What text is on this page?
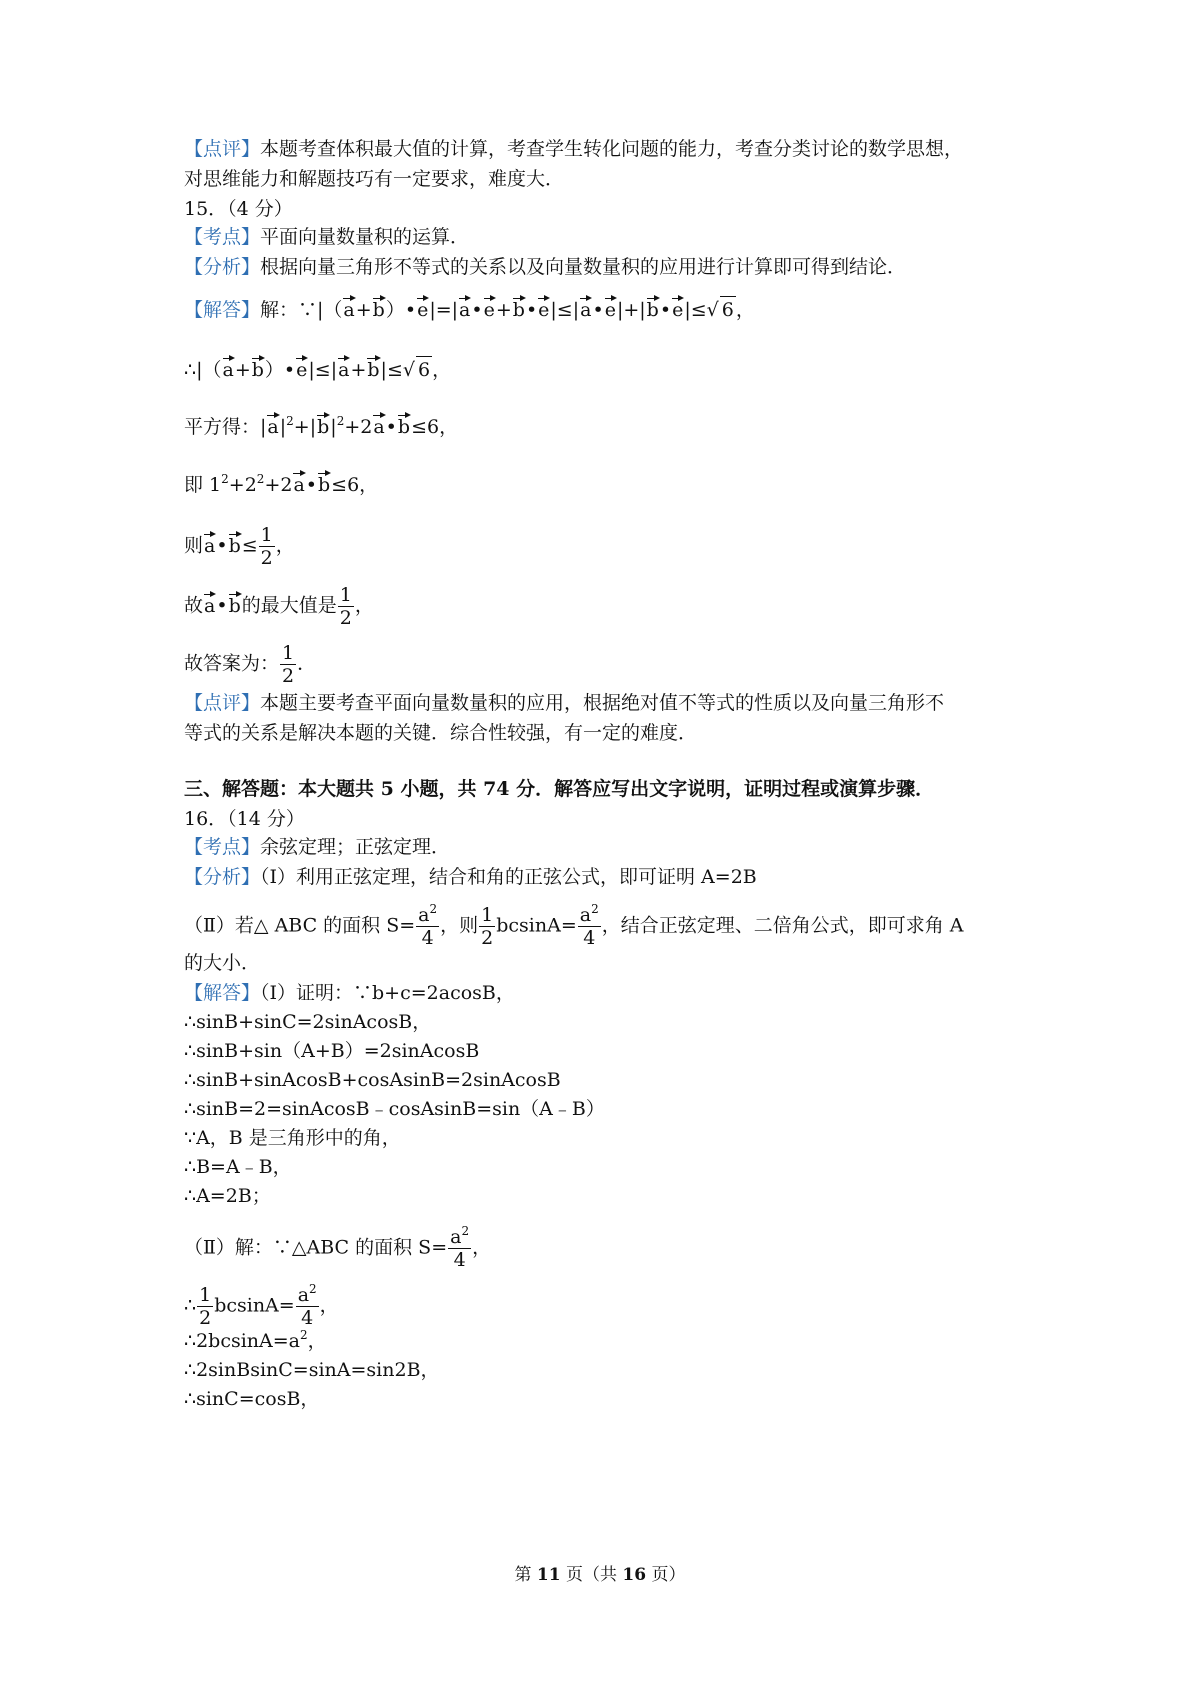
【点评】本题考查体积最大值的计算，考查学生转化问题的能力，考查分类讨论的数学思想，
对思维能力和解题技巧有一定要求，难度大．
15．（4 分）
【考点】平面向量数量积的运算．
【分析】根据向量三角形不等式的关系以及向量数量积的应用进行计算即可得到结论．
【解答】解：∵|（a+b）•e|=|a•e+b•e|≤|a•e|+|b•e|≤√ 6 ，
∴|（a+b）•e|≤|a+b|≤√ 6 ，
平方得：$|a|^2+|b|^2+2a•b\le 6$，
即 $1^2+2^2+2a•b\le 6$，
则a•b≤ $\frac{1}{2}$ ，
故a•b的最大值是 $\frac{1}{2}$ ，
故答案为： $\frac{1}{2}$ ．
【点评】本题主要考查平面向量数量积的应用，根据绝对值不等式的性质以及向量三角形不
等式的关系是解决本题的关键．综合性较强，有一定的难度．
三、解答题：本大题共 5 小题，共 74 分．解答应写出文字说明，证明过程或演算步骤．
16．（14 分）
【考点】余弦定理；正弦定理．
【分析】（Ⅰ）利用正弦定理，结合和角的正弦公式，即可证明 A=2B
（Ⅱ）若△ ABC 的面积 $S= \frac{a^2}{4}$ ，则 $\frac{1}{2} bcsinA= \frac{a^2}{4}$ ，结合正弦定理、二倍角公式，即可求角 A
的大小．
【解答】（Ⅰ）证明：∵b+c=2acosB，
∴sinB+sinC=2sinAcosB，
∴sinB+sin（A+B）=2sinAcosB
∴sinB+sinAcosB+cosAsinB=2sinAcosB
∴sinB=2=sinAcosB﹣cosAsinB=sin（A﹣B）
∵A，B 是三角形中的角，
∴B=A﹣B，
∴A=2B；
（Ⅱ）解：∵△ABC 的面积 $S= \frac{a^2}{4}$ ，
∴ $\frac{1}{2} bcsinA= \frac{a^2}{4}$ ，
$\therefore 2bcsinA=a^2$，
∴2sinBsinC=sinA=sin2B，
∴sinC=cosB，
第 11 页（共 16 页）
